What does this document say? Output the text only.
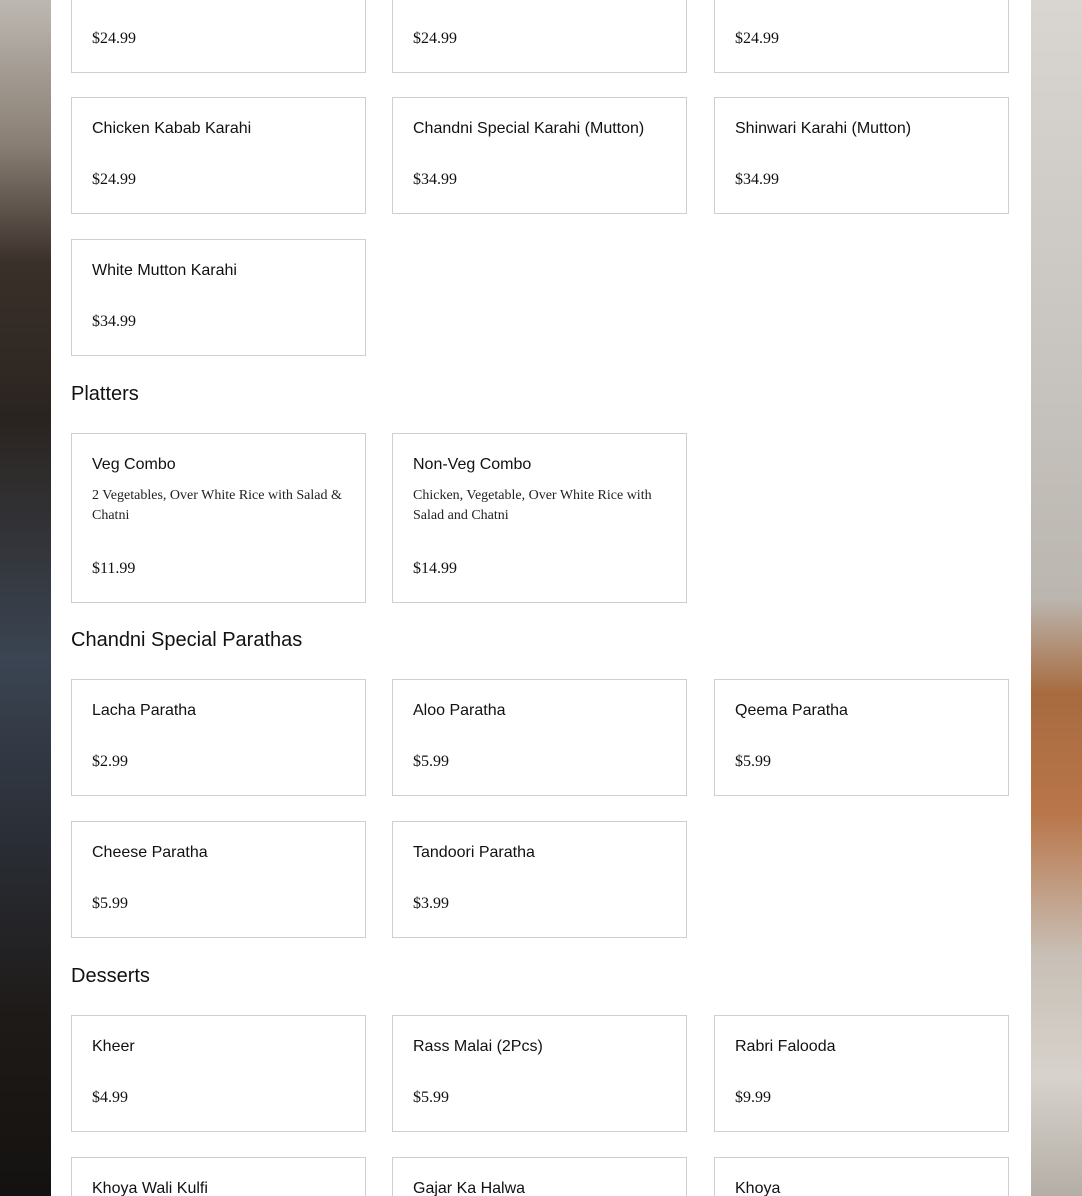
$24.99	$24.99	$24.99
Chicken Kabab Karahi
$24.99
Chandni Special Karahi (Mutton)
$34.99
Shinwari Karahi (Mutton)
$34.99
White Mutton Karahi
$34.99
Platters
Veg Combo
2 Vegetables, Over White Rice with Salad & Chatni
$11.99
Non-Veg Combo
Chicken, Vegetable, Over White Rice with Salad and Chatni
$14.99
Chandni Special Parathas
Lacha Paratha
$2.99
Aloo Paratha
$5.99
Qeema Paratha
$5.99
Cheese Paratha
$5.99
Tandoori Paratha
$3.99
Desserts
Kheer
$4.99
Rass Malai (2Pcs)
$5.99
Rabri Falooda
$9.99
Khoya Wali Kulfi	Gajar Ka Halwa	Khoya
